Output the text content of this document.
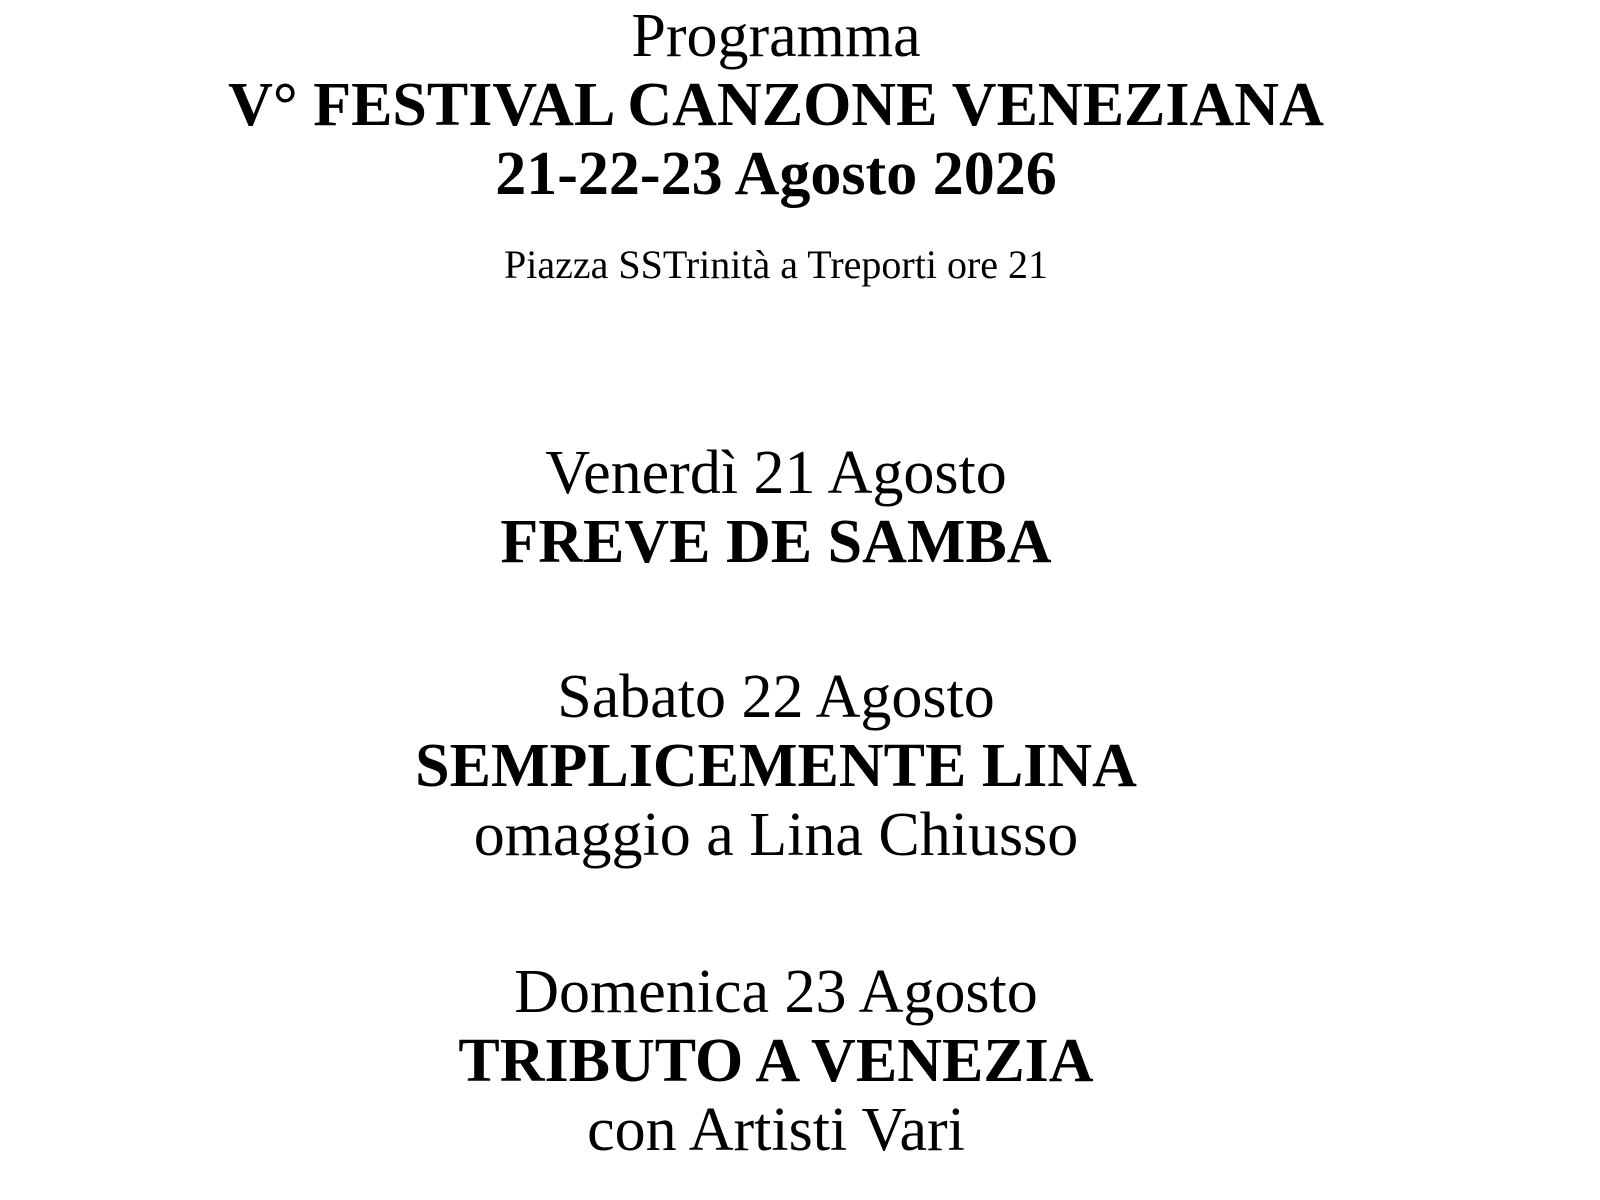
Programma
V° FESTIVAL CANZONE VENEZIANA
21-22-23 Agosto 2026
Piazza SSTrinità a Treporti ore 21
Venerdì 21 Agosto
FREVE DE SAMBA
Sabato 22 Agosto
SEMPLICEMENTE LINA
omaggio a Lina Chiusso
Domenica 23 Agosto
TRIBUTO A VENEZIA
con Artisti Vari
